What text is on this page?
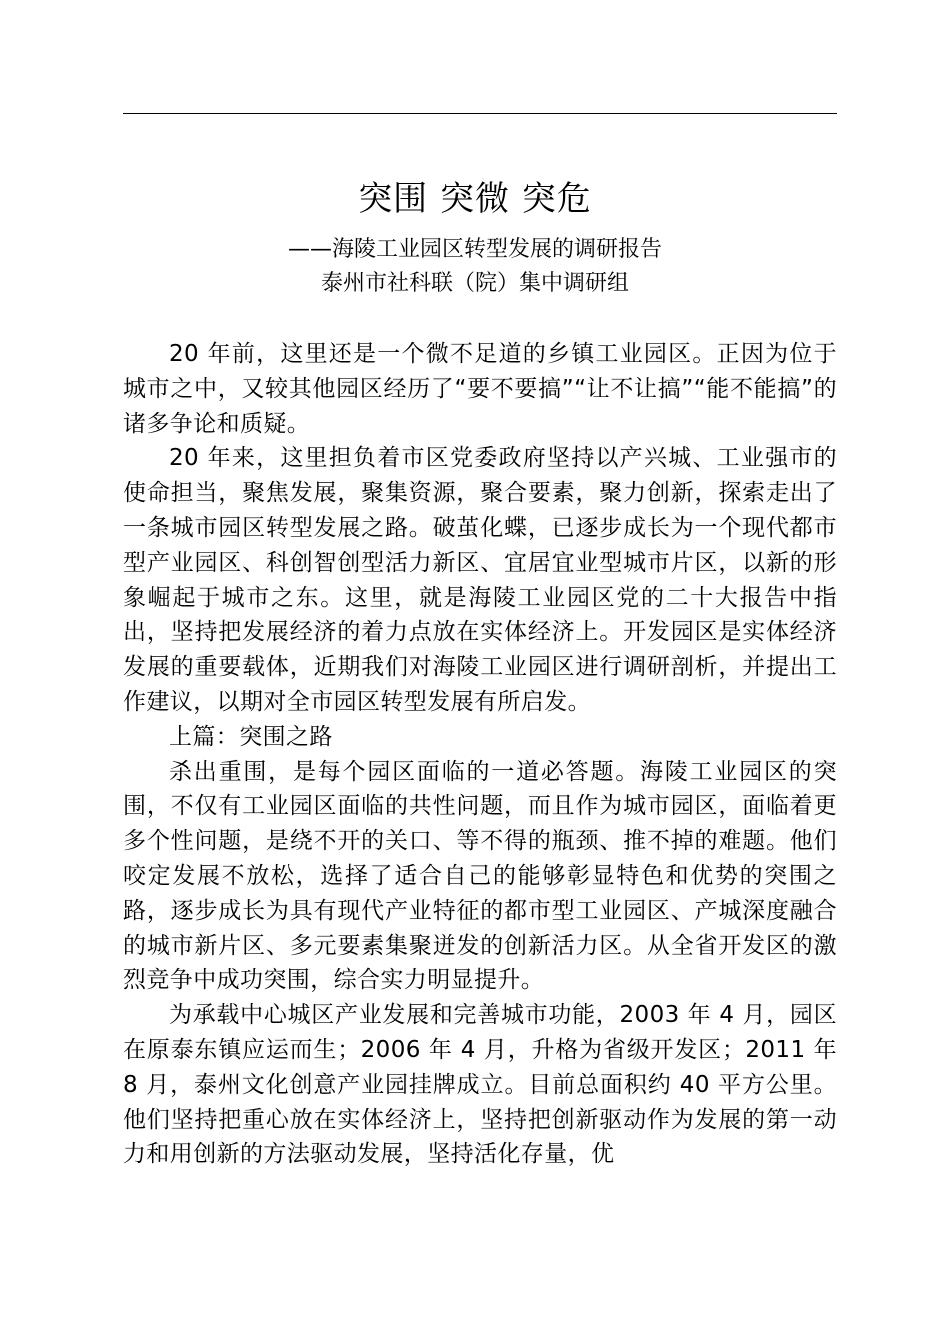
突围 突微 突危
——海陵工业园区转型发展的调研报告
泰州市社科联（院）集中调研组

20 年前，这里还是一个微不足道的乡镇工业园区。正因为位于城市之中，又较其他园区经历了“要不要搞”“让不让搞”“能不能搞”的诸多争论和质疑。

20 年来，这里担负着市区党委政府坚持以产兴城、工业强市的使命担当，聚焦发展，聚集资源，聚合要素，聚力创新，探索走出了一条城市园区转型发展之路。破茧化蝶，已逐步成长为一个现代都市型产业园区、科创智创型活力新区、宜居宜业型城市片区，以新的形象崛起于城市之东。这里，就是海陵工业园区党的二十大报告中指出，坚持把发展经济的着力点放在实体经济上。开发园区是实体经济发展的重要载体，近期我们对海陵工业园区进行调研剖析，并提出工作建议，以期对全市园区转型发展有所启发。

上篇：突围之路

杀出重围，是每个园区面临的一道必答题。海陵工业园区的突围，不仅有工业园区面临的共性问题，而且作为城市园区，面临着更多个性问题，是绕不开的关口、等不得的瓶颈、推不掉的难题。他们咬定发展不放松，选择了适合自己的能够彰显特色和优势的突围之路，逐步成长为具有现代产业特征的都市型工业园区、产城深度融合的城市新片区、多元要素集聚迸发的创新活力区。从全省开发区的激烈竞争中成功突围，综合实力明显提升。

为承载中心城区产业发展和完善城市功能，2003 年 4 月，园区在原泰东镇应运而生；2006 年 4 月，升格为省级开发区；2011 年 8 月，泰州文化创意产业园挂牌成立。目前总面积约 40 平方公里。他们坚持把重心放在实体经济上，坚持把创新驱动作为发展的第一动力和用创新的方法驱动发展，坚持活化存量，优
